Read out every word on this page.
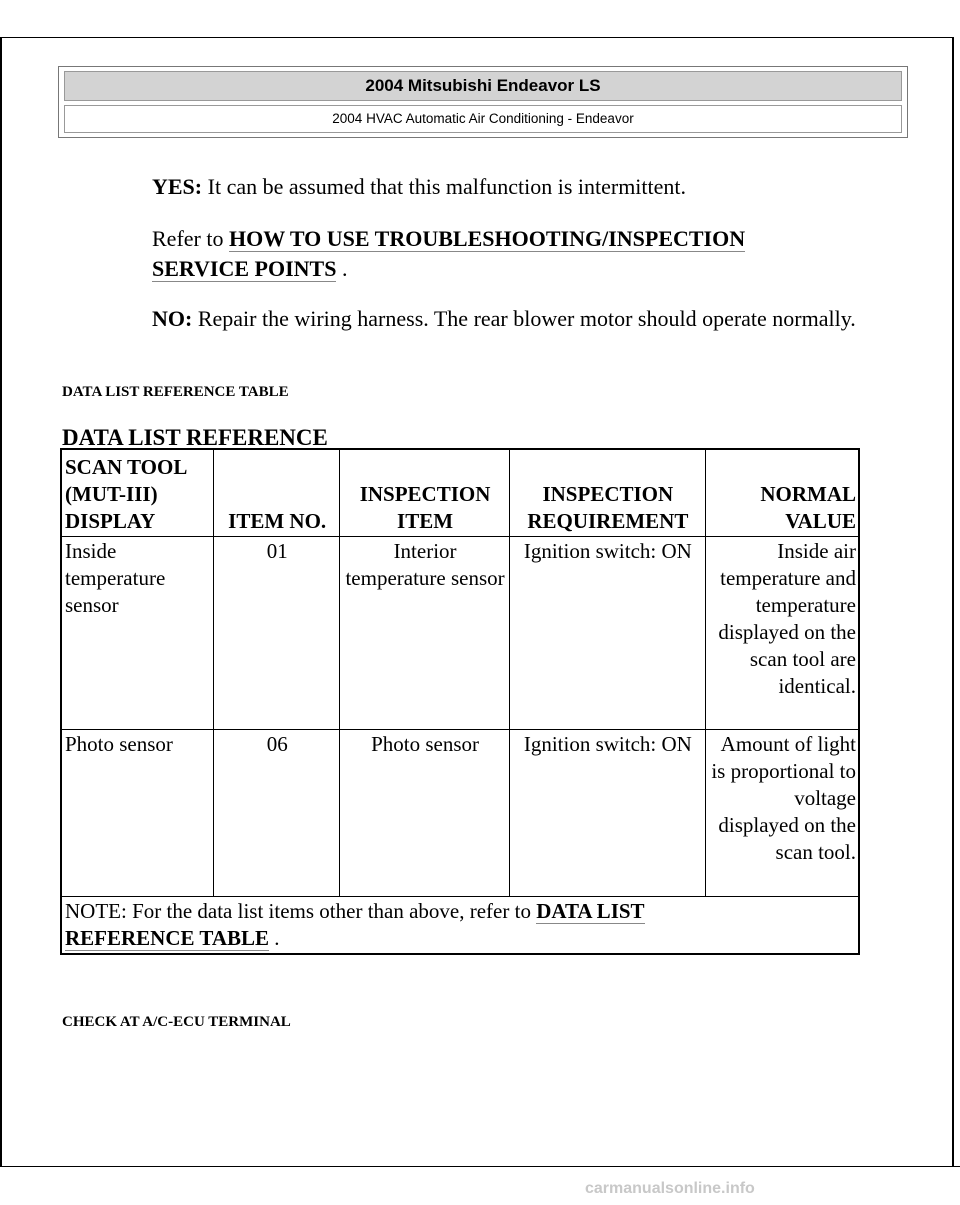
2004 Mitsubishi Endeavor LS
2004 HVAC Automatic Air Conditioning - Endeavor

YES: It can be assumed that this malfunction is intermittent.

Refer to HOW TO USE TROUBLESHOOTING/INSPECTION
SERVICE POINTS .

NO: Repair the wiring harness. The rear blower motor should operate normally.

DATA LIST REFERENCE TABLE

DATA LIST REFERENCE

SCAN TOOL (MUT-III) DISPLAY	ITEM NO.	INSPECTION ITEM	INSPECTION REQUIREMENT	NORMAL VALUE
Inside temperature sensor	01	Interior temperature sensor	Ignition switch: ON	Inside air temperature and temperature displayed on the scan tool are identical.
Photo sensor	06	Photo sensor	Ignition switch: ON	Amount of light is proportional to voltage displayed on the scan tool.
NOTE: For the data list items other than above, refer to DATA LIST
REFERENCE TABLE .				

CHECK AT A/C-ECU TERMINAL

carmanualsonline.info
